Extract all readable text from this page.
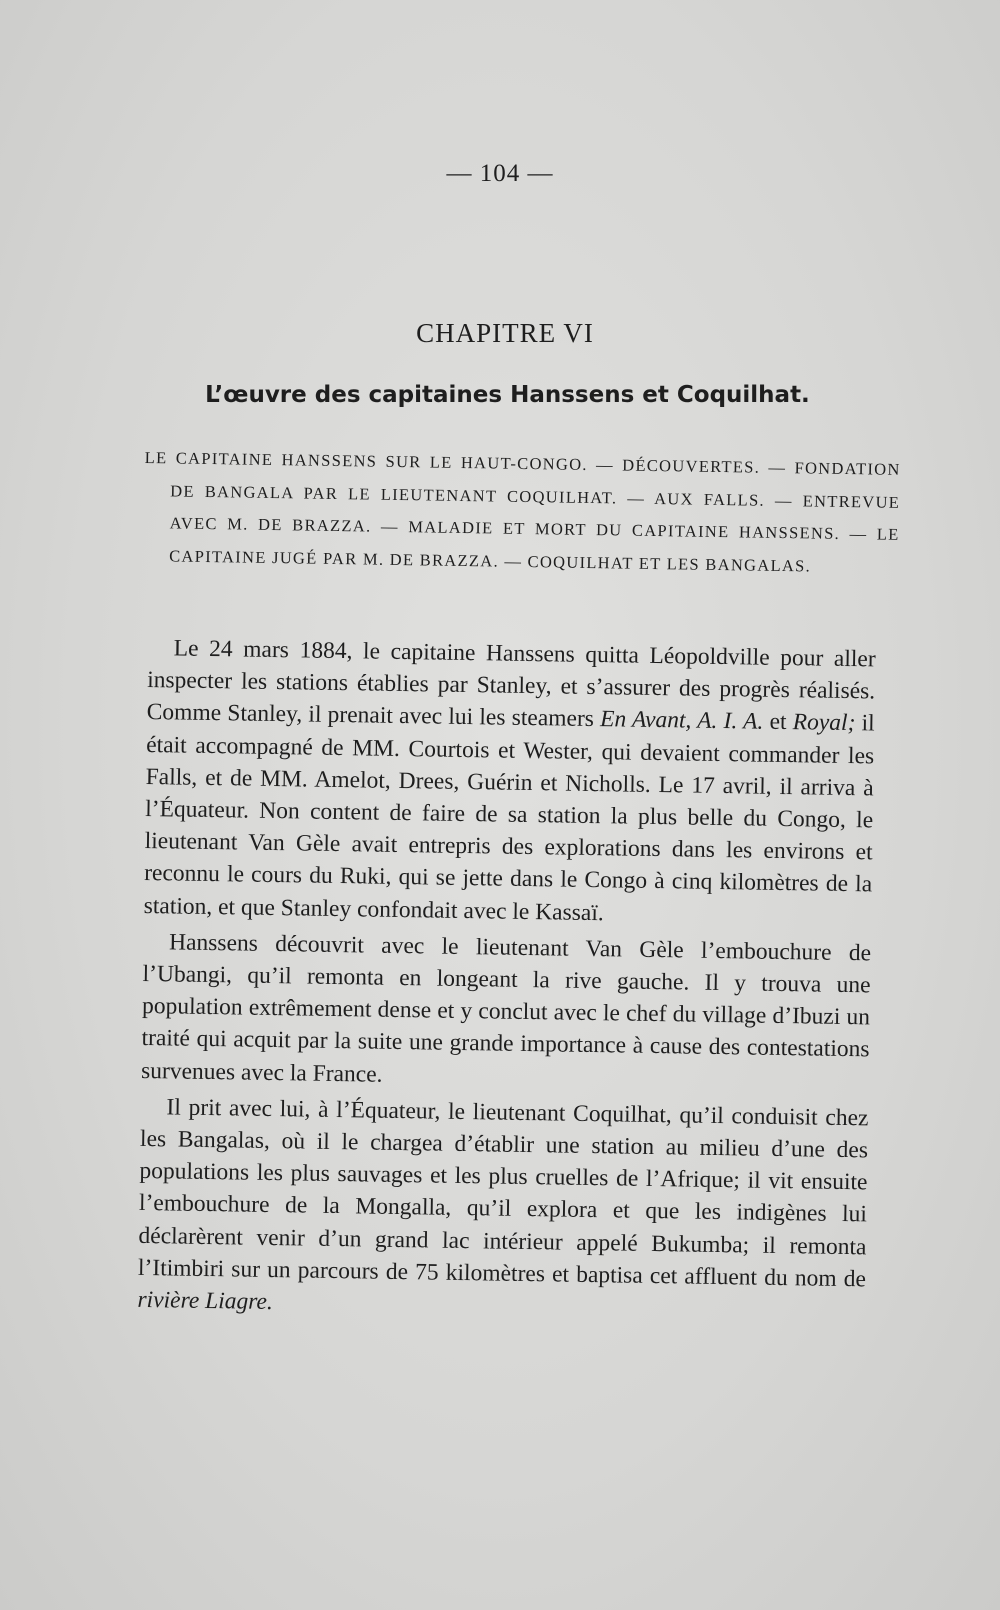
— 104 —
CHAPITRE VI
L’œuvre des capitaines Hanssens et Coquilhat.

LE CAPITAINE HANSSENS SUR LE HAUT-CONGO. — DÉCOUVERTES. — FONDATION DE BANGALA PAR LE LIEUTENANT COQUILHAT. — AUX FALLS. — ENTREVUE AVEC M. DE BRAZZA. — MALADIE ET MORT DU CAPITAINE HANSSENS. — LE CAPITAINE JUGÉ PAR M. DE BRAZZA. — COQUILHAT ET LES BANGALAS.

Le 24 mars 1884, le capitaine Hanssens quitta Léopoldville pour aller inspecter les stations établies par Stanley, et s’assurer des progrès réalisés. Comme Stanley, il prenait avec lui les steamers En Avant, A. I. A. et Royal; il était accompagné de MM. Courtois et Wester, qui devaient commander les Falls, et de MM. Amelot, Drees, Guérin et Nicholls. Le 17 avril, il arriva à l’Équateur. Non content de faire de sa station la plus belle du Congo, le lieutenant Van Gèle avait entrepris des explorations dans les environs et reconnu le cours du Ruki, qui se jette dans le Congo à cinq kilomètres de la station, et que Stanley confondait avec le Kassaï.

Hanssens découvrit avec le lieutenant Van Gèle l’embouchure de l’Ubangi, qu’il remonta en longeant la rive gauche. Il y trouva une population extrêmement dense et y conclut avec le chef du village d’Ibuzi un traité qui acquit par la suite une grande importance à cause des contestations survenues avec la France.

Il prit avec lui, à l’Équateur, le lieutenant Coquilhat, qu’il conduisit chez les Bangalas, où il le chargea d’établir une station au milieu d’une des populations les plus sauvages et les plus cruelles de l’Afrique; il vit ensuite l’embouchure de la Mongalla, qu’il explora et que les indigènes lui déclarèrent venir d’un grand lac intérieur appelé Bukumba; il remonta l’Itimbiri sur un parcours de 75 kilomètres et baptisa cet affluent du nom de rivière Liagre.
